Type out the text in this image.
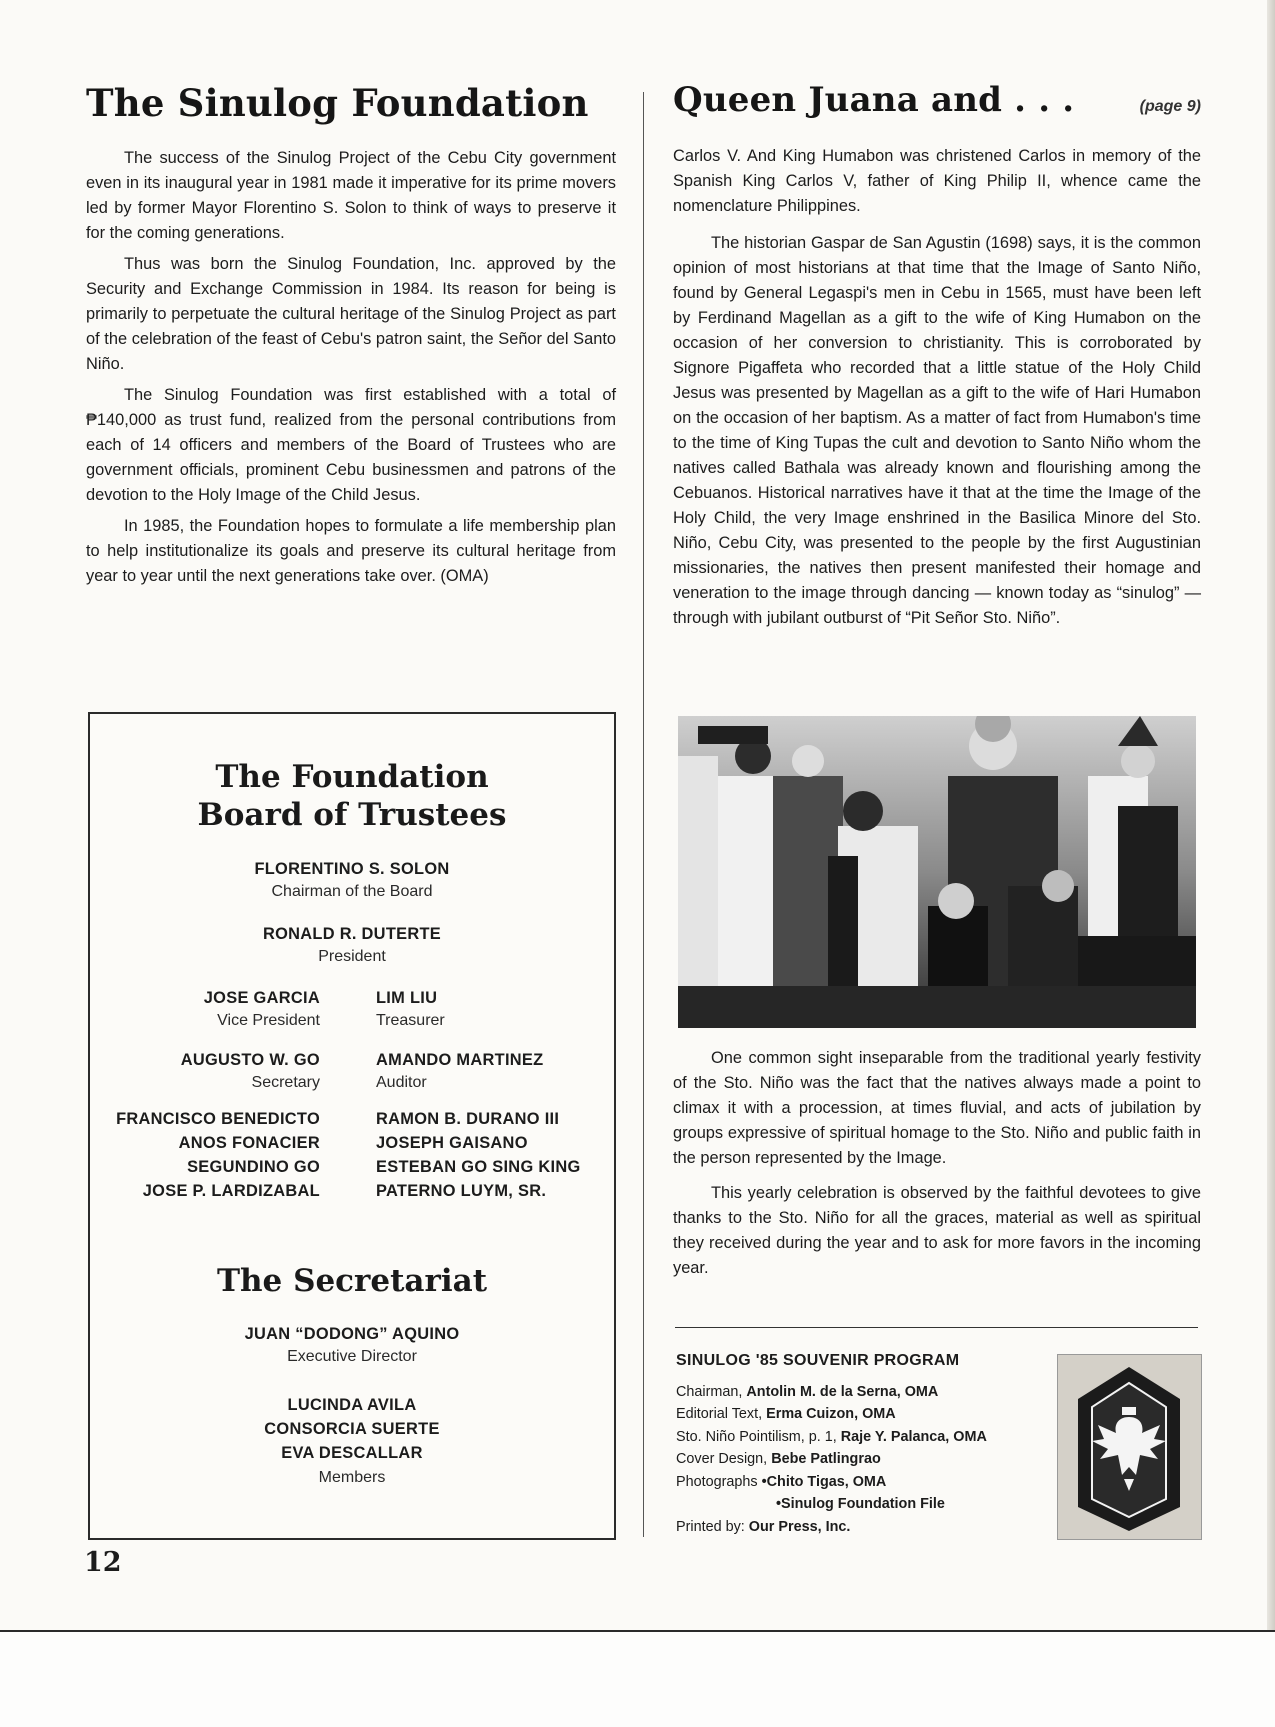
The Sinulog Foundation

The success of the Sinulog Project of the Cebu City government even in its inaugural year in 1981 made it imperative for its prime movers led by former Mayor Florentino S. Solon to think of ways to preserve it for the coming generations.

Thus was born the Sinulog Foundation, Inc. approved by the Security and Exchange Commission in 1984. Its reason for being is primarily to perpetuate the cultural heritage of the Sinulog Project as part of the celebration of the feast of Cebu's patron saint, the Señor del Santo Niño.

The Sinulog Foundation was first established with a total of ₱140,000 as trust fund, realized from the personal contributions from each of 14 officers and members of the Board of Trustees who are government officials, prominent Cebu businessmen and patrons of the devotion to the Holy Image of the Child Jesus.

In 1985, the Foundation hopes to formulate a life membership plan to help institutionalize its goals and preserve its cultural heritage from year to year until the next generations take over. (OMA)

The Foundation
Board of Trustees
FLORENTINO S. SOLON
Chairman of the Board
RONALD R. DUTERTE
President
JOSE GARCIA
Vice President
LIM LIU
Treasurer
AUGUSTO W. GO
Secretary
AMANDO MARTINEZ
Auditor
FRANCISCO BENEDICTO
ANOS FONACIER
SEGUNDINO GO
JOSE P. LARDIZABAL
RAMON B. DURANO III
JOSEPH GAISANO
ESTEBAN GO SING KING
PATERNO LUYM, SR.
The Secretariat
JUAN “DODONG” AQUINO
Executive Director
LUCINDA AVILA
CONSORCIA SUERTE
EVA DESCALLAR
Members
12
Queen Juana and . . .	(page 9)

Carlos V. And King Humabon was christened Carlos in memory of the Spanish King Carlos V, father of King Philip II, whence came the nomenclature Philippines.

The historian Gaspar de San Agustin (1698) says, it is the common opinion of most historians at that time that the Image of Santo Niño, found by General Legaspi's men in Cebu in 1565, must have been left by Ferdinand Magellan as a gift to the wife of King Humabon on the occasion of her conversion to christianity. This is corroborated by Signore Pigaffeta who recorded that a little statue of the Holy Child Jesus was presented by Magellan as a gift to the wife of Hari Humabon on the occasion of her baptism. As a matter of fact from Humabon's time to the time of King Tupas the cult and devotion to Santo Niño whom the natives called Bathala was already known and flourishing among the Cebuanos. Historical narratives have it that at the time the Image of the Holy Child, the very Image enshrined in the Basilica Minore del Sto. Niño, Cebu City, was presented to the people by the first Augustinian missionaries, the natives then present manifested their homage and veneration to the image through dancing — known today as “sinulog” — through with jubilant outburst of “Pit Señor Sto. Niño”.

One common sight inseparable from the traditional yearly festivity of the Sto. Niño was the fact that the natives always made a point to climax it with a procession, at times fluvial, and acts of jubilation by groups expressive of spiritual homage to the Sto. Niño and public faith in the person represented by the Image.

This yearly celebration is observed by the faithful devotees to give thanks to the Sto. Niño for all the graces, material as well as spiritual they received during the year and to ask for more favors in the incoming year.

SINULOG '85 SOUVENIR PROGRAM
Chairman, Antolin M. de la Serna, OMA
Editorial Text, Erma Cuizon, OMA
Sto. Niño Pointilism, p. 1, Raje Y. Palanca, OMA
Cover Design, Bebe Patlingrao
Photographs •Chito Tigas, OMA
•Sinulog Foundation File
Printed by: Our Press, Inc.
